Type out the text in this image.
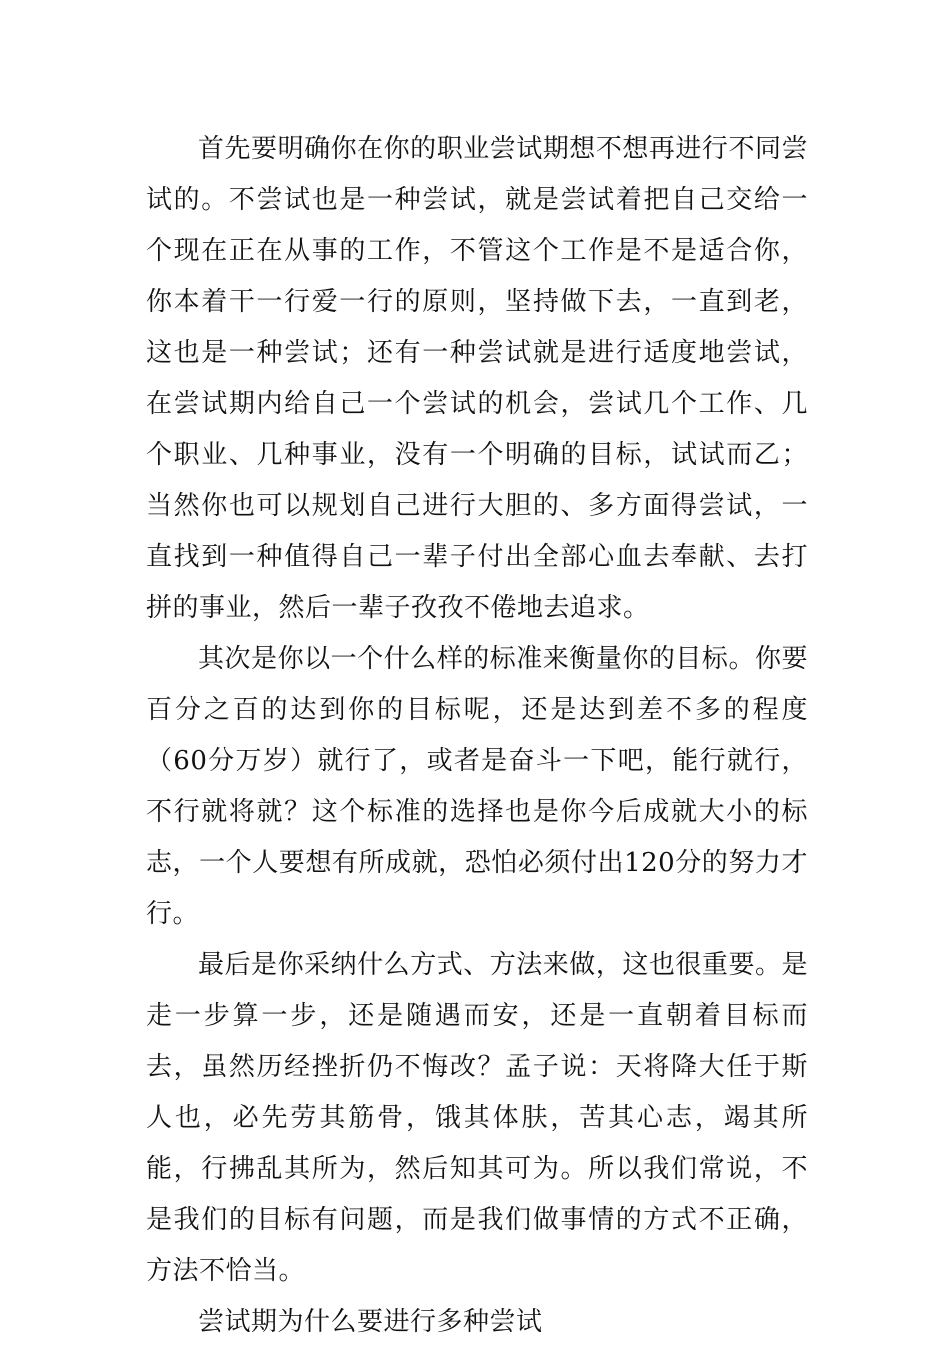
首先要明确你在你的职业尝试期想不想再进行不同尝试的。不尝试也是一种尝试，就是尝试着把自己交给一个现在正在从事的工作，不管这个工作是不是适合你，你本着干一行爱一行的原则，坚持做下去，一直到老，这也是一种尝试；还有一种尝试就是进行适度地尝试，在尝试期内给自己一个尝试的机会，尝试几个工作、几个职业、几种事业，没有一个明确的目标，试试而乙；当然你也可以规划自己进行大胆的、多方面得尝试，一直找到一种值得自己一辈子付出全部心血去奉献、去打拼的事业，然后一辈子孜孜不倦地去追求。

其次是你以一个什么样的标准来衡量你的目标。你要百分之百的达到你的目标呢，还是达到差不多的程度（60分万岁）就行了，或者是奋斗一下吧，能行就行，不行就将就？这个标准的选择也是你今后成就大小的标志，一个人要想有所成就，恐怕必须付出120分的努力才行。

最后是你采纳什么方式、方法来做，这也很重要。是走一步算一步，还是随遇而安，还是一直朝着目标而去，虽然历经挫折仍不悔改？孟子说：天将降大任于斯人也，必先劳其筋骨，饿其体肤，苦其心志，竭其所能，行拂乱其所为，然后知其可为。所以我们常说，不是我们的目标有问题，而是我们做事情的方式不正确，方法不恰当。

尝试期为什么要进行多种尝试
